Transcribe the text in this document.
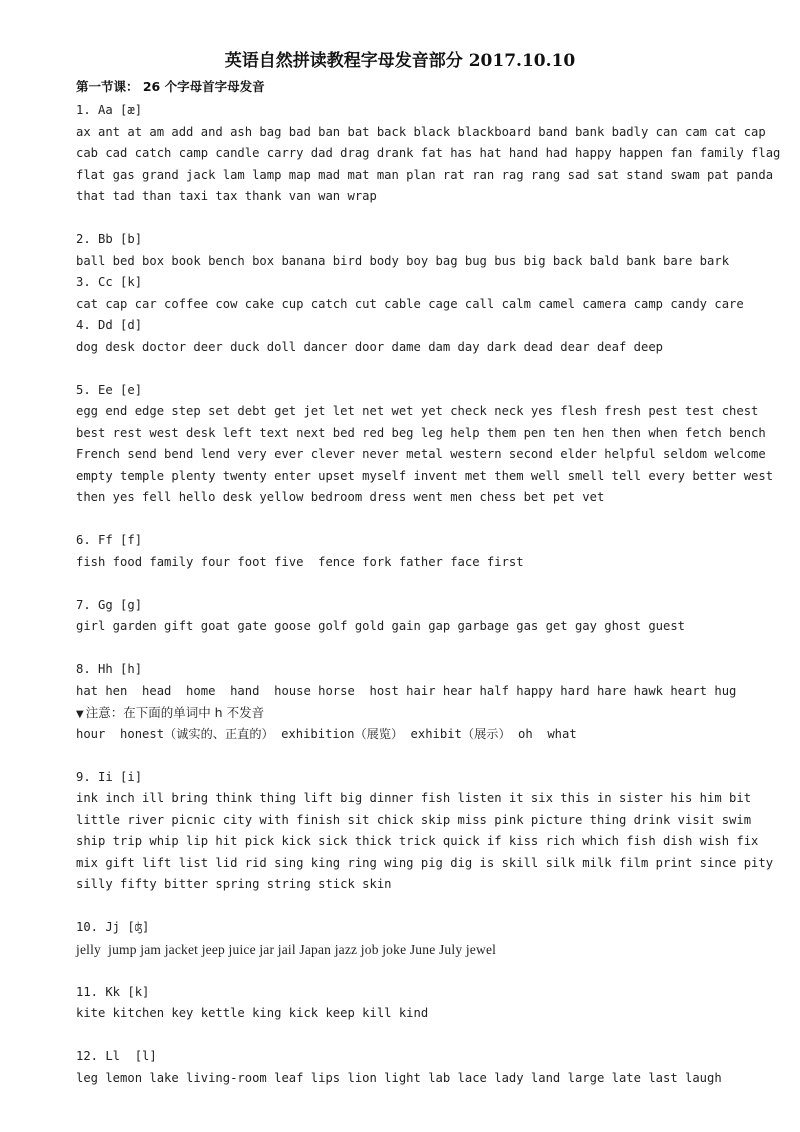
英语自然拼读教程字母发音部分 2017.10.10
第一节课： 26 个字母首字母发音
1. Aa [æ]
ax ant at am add and ash bag bad ban bat back black blackboard band bank badly can cam cat cap
cab cad catch camp candle carry dad drag drank fat has hat hand had happy happen fan family flag
flat gas grand jack lam lamp map mad mat man plan rat ran rag rang sad sat stand swam pat panda
that tad than taxi tax thank van wan wrap
2. Bb [b]
ball bed box book bench box banana bird body boy bag bug bus big back bald bank bare bark
3. Cc [k]
cat cap car coffee cow cake cup catch cut cable cage call calm camel camera camp candy care
4. Dd [d]
dog desk doctor deer duck doll dancer door dame dam day dark dead dear deaf deep
5. Ee [e]
egg end edge step set debt get jet let net wet yet check neck yes flesh fresh pest test chest
best rest west desk left text next bed red beg leg help them pen ten hen then when fetch bench
French send bend lend very ever clever never metal western second elder helpful seldom welcome
empty temple plenty twenty enter upset myself invent met them well smell tell every better west
then yes fell hello desk yellow bedroom dress went men chess bet pet vet
6. Ff [f]
fish food family four foot five  fence fork father face first
7. Gg [g]
girl garden gift goat gate goose golf gold gain gap garbage gas get gay ghost guest
8. Hh [h]
hat hen  head  home  hand  house horse  host hair hear half happy hard hare hawk heart hug
▼ 注意：在下面的单词中 h 不发音
hour  honest（诚实的、正直的） exhibition（展览） exhibit（展示） oh  what
9. Ii [i]
ink inch ill bring think thing lift big dinner fish listen it six this in sister his him bit
little river picnic city with finish sit chick skip miss pink picture thing drink visit swim
ship trip whip lip hit pick kick sick thick trick quick if kiss rich which fish dish wish fix
mix gift lift list lid rid sing king ring wing pig dig is skill silk milk film print since pity
silly fifty bitter spring string stick skin
10. Jj [ʤ]
jelly  jump jam jacket jeep juice jar jail Japan jazz job joke June July jewel
11. Kk [k]
kite kitchen key kettle king kick keep kill kind
12. Ll  [l]
leg lemon lake living-room leaf lips lion light lab lace lady land large late last laugh
